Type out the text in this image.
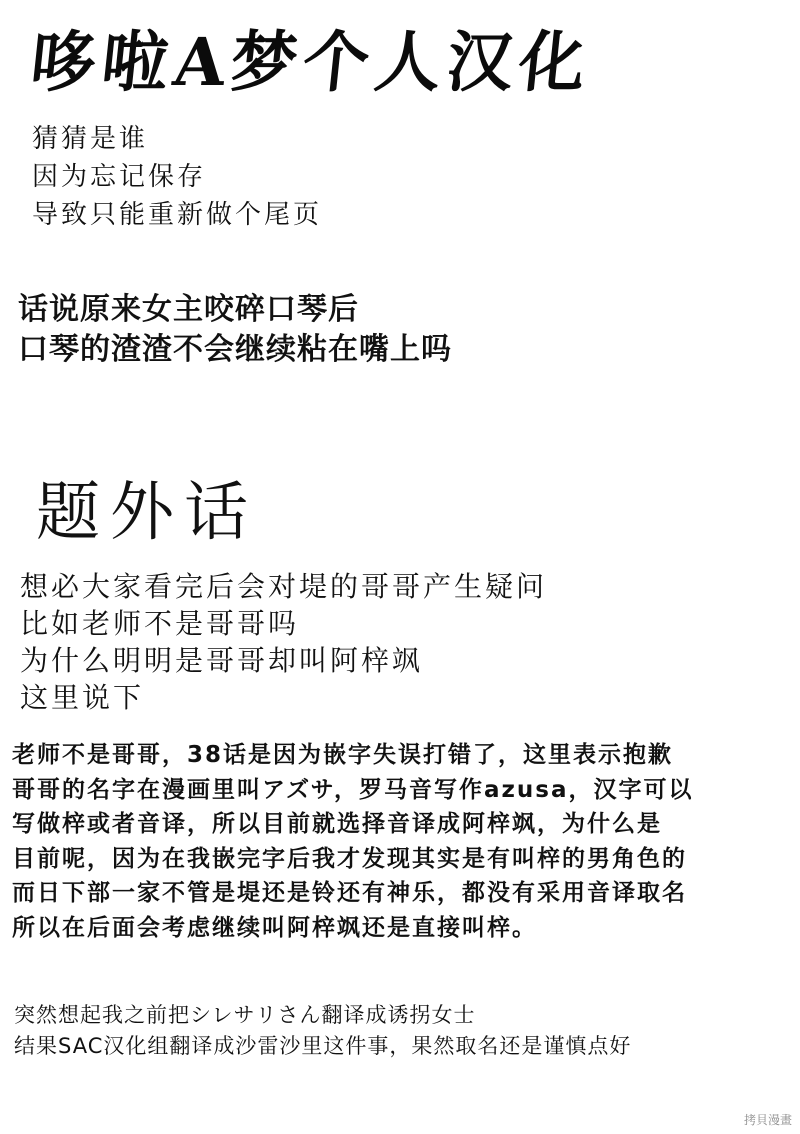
哆啦A梦个人汉化
猜猜是谁
因为忘记保存
导致只能重新做个尾页
话说原来女主咬碎口琴后
口琴的渣渣不会继续粘在嘴上吗
题外话
想必大家看完后会对堤的哥哥产生疑问
比如老师不是哥哥吗
为什么明明是哥哥却叫阿梓飒
这里说下
老师不是哥哥，38话是因为嵌字失误打错了，这里表示抱歉
哥哥的名字在漫画里叫アズサ，罗马音写作azusa，汉字可以
写做梓或者音译，所以目前就选择音译成阿梓飒，为什么是
目前呢，因为在我嵌完字后我才发现其实是有叫梓的男角色的
而日下部一家不管是堤还是铃还有神乐，都没有采用音译取名
所以在后面会考虑继续叫阿梓飒还是直接叫梓。
突然想起我之前把シレサリさん翻译成诱拐女士
结果SAC汉化组翻译成沙雷沙里这件事，果然取名还是谨慎点好
拷貝漫畫
